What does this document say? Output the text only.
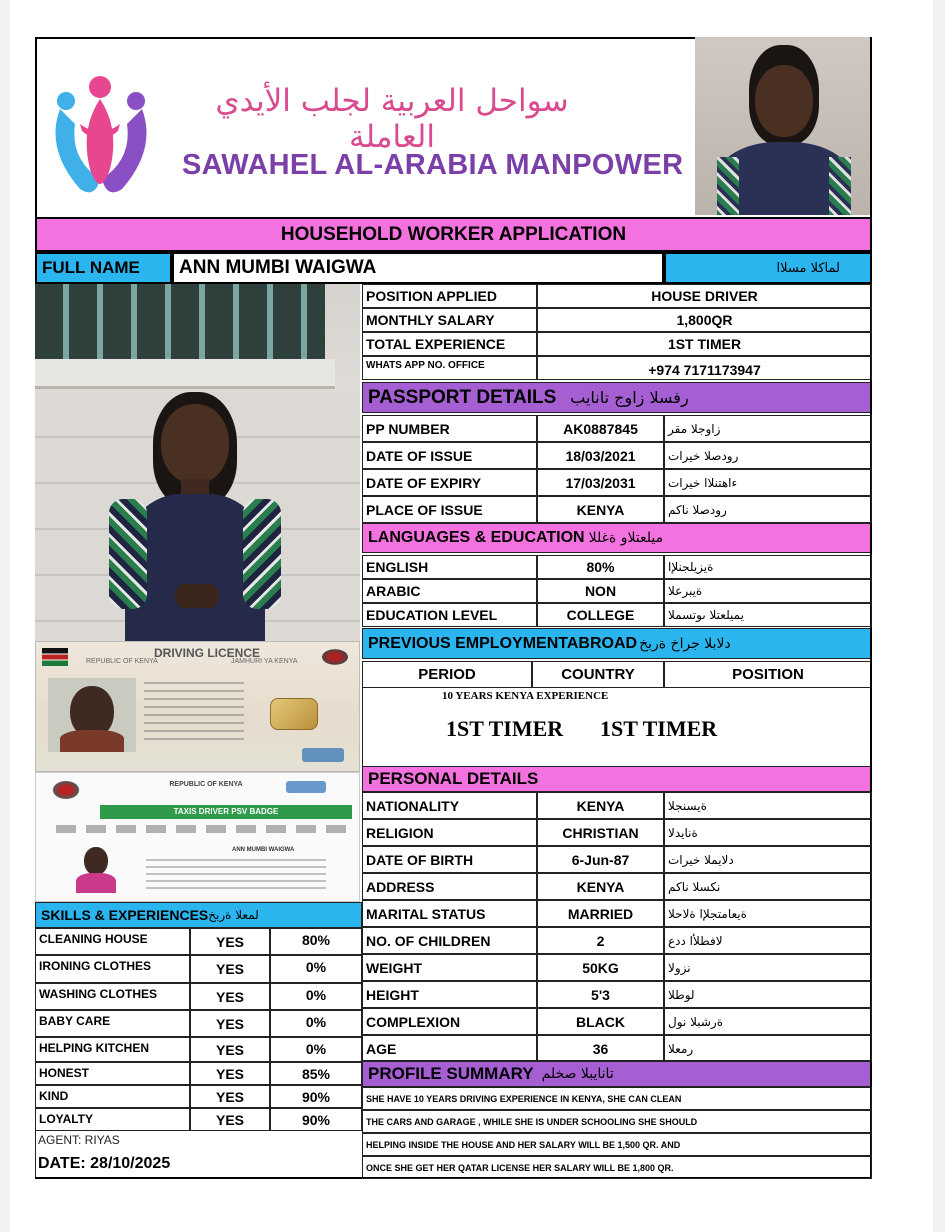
سواحل العربية لجلب الأيدي العاملة
SAWAHEL AL-ARABIA MANPOWER
HOUSEHOLD WORKER APPLICATION
FULL NAME	ANN MUMBI WAIGWA	لماكلا مسلاا
DRIVING LICENCE
REPUBLIC OF KENYA	JAMHURI YA KENYA
REPUBLIC OF KENYA
TAXIS DRIVER PSV BADGE
ANN MUMBI WAIGWA
PASSPORT DETAILS رفسلا زاوج تانايب
LANGUAGES & EDUCATION ميلعتلاو ةغللا
PREVIOUS EMPLOYMENTABROAD دلابلا جراخ ةربخ
PERIOD	COUNTRY	POSITION
10 YEARS KENYA EXPERIENCE
1ST TIMER	1ST TIMER
PERSONAL DETAILS
PROFILE SUMMARY تانايبلا صخلم
SKILLS & EXPERIENCES لمعلا ةربخ
AGENT: RIYAS
DATE: 28/10/2025
POSITION APPLIED	HOUSE DRIVER
MONTHLY SALARY	1,800QR
TOTAL EXPERIENCE	1ST TIMER
WHATS APP NO. OFFICE	+974 7171173947
PP NUMBER	AK0887845	زاوجلا مقر
DATE OF ISSUE	18/03/2021	رودصلا خيرات
DATE OF EXPIRY	17/03/2031	ءاهتنلاا خيرات
PLACE OF ISSUE	KENYA	رودصلا ناكم
ENGLISH	80%	ةيزيلجنلإا
ARABIC	NON	ةيبرعلا
EDUCATION LEVEL	COLLEGE	يميلعتلا ىوتسملا
NATIONALITY	KENYA	ةيسنجلا
RELIGION	CHRISTIAN	ةنايدلا
DATE OF BIRTH	6-Jun-87	دلايملا خيرات
ADDRESS	KENYA	نكسلا ناكم
MARITAL STATUS	MARRIED	ةيعامتجلإا ةلاحلا
NO. OF CHILDREN	2	لافطلأا ددع
WEIGHT	50KG	نزولا
HEIGHT	5'3	لوطلا
COMPLEXION	BLACK	ةرشبلا نول
AGE	36	رمعلا
SHE HAVE 10 YEARS DRIVING EXPERIENCE IN KENYA, SHE CAN CLEAN
THE CARS AND GARAGE , WHILE SHE IS UNDER SCHOOLING SHE SHOULD
HELPING INSIDE THE HOUSE AND HER SALARY WILL BE 1,500 QR. AND
ONCE SHE GET HER QATAR LICENSE HER SALARY WILL BE 1,800 QR.
CLEANING HOUSE	YES	80%
IRONING CLOTHES	YES	0%
WASHING CLOTHES	YES	0%
BABY CARE	YES	0%
HELPING KITCHEN	YES	0%
HONEST	YES	85%
KIND	YES	90%
LOYALTY	YES	90%
